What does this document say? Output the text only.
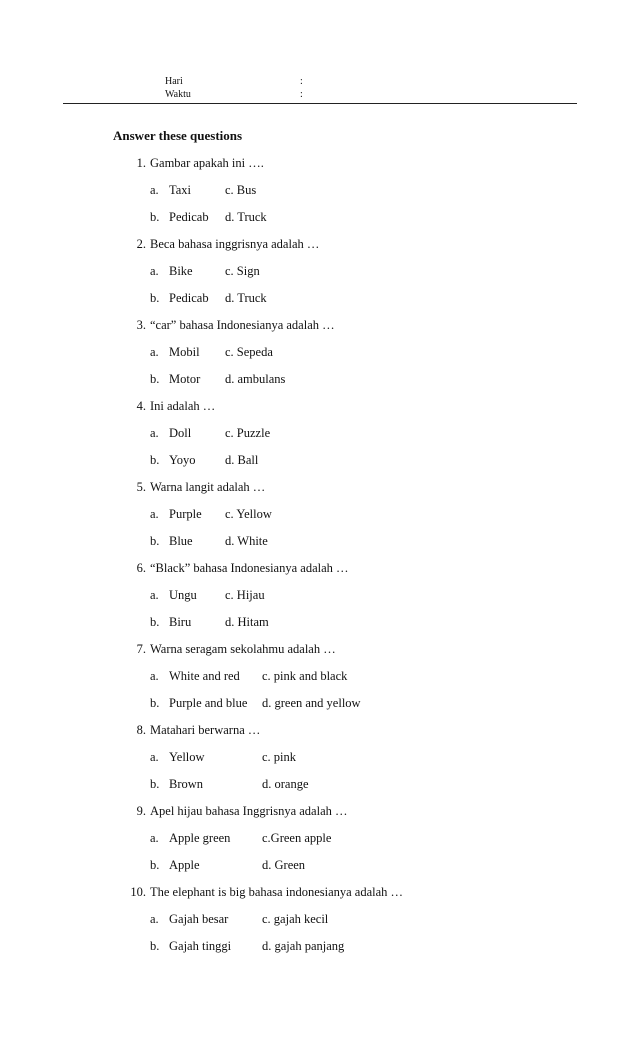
Hari	:
Waktu	:
Answer these questions
1. Gambar apakah ini ….
a. Taxi	c. Bus
b. Pedicab d. Truck
2. Beca bahasa inggrisnya adalah …
a. Bike	c. Sign
b. Pedicab d. Truck
3. “car” bahasa Indonesianya adalah …
a. Mobil c. Sepeda
b. Motor d. ambulans
4. Ini adalah …
a. Doll	c. Puzzle
b. Yoyo d. Ball
5. Warna langit adalah …
a. Purple c. Yellow
b. Blue	d. White
6. “Black” bahasa Indonesianya adalah …
a. Ungu c. Hijau
b. Biru	d. Hitam
7. Warna seragam sekolahmu adalah …
a. White and red c. pink and black
b. Purple and blue d. green and yellow
8. Matahari berwarna …
a. Yellow	c. pink
b. Brown	d. orange
9. Apel hijau bahasa Inggrisnya adalah …
a. Apple green	c.Green apple
b. Apple	d. Green
10. The elephant is big bahasa indonesianya adalah …
a. Gajah besar	c. gajah kecil
b. Gajah tinggi d. gajah panjang
